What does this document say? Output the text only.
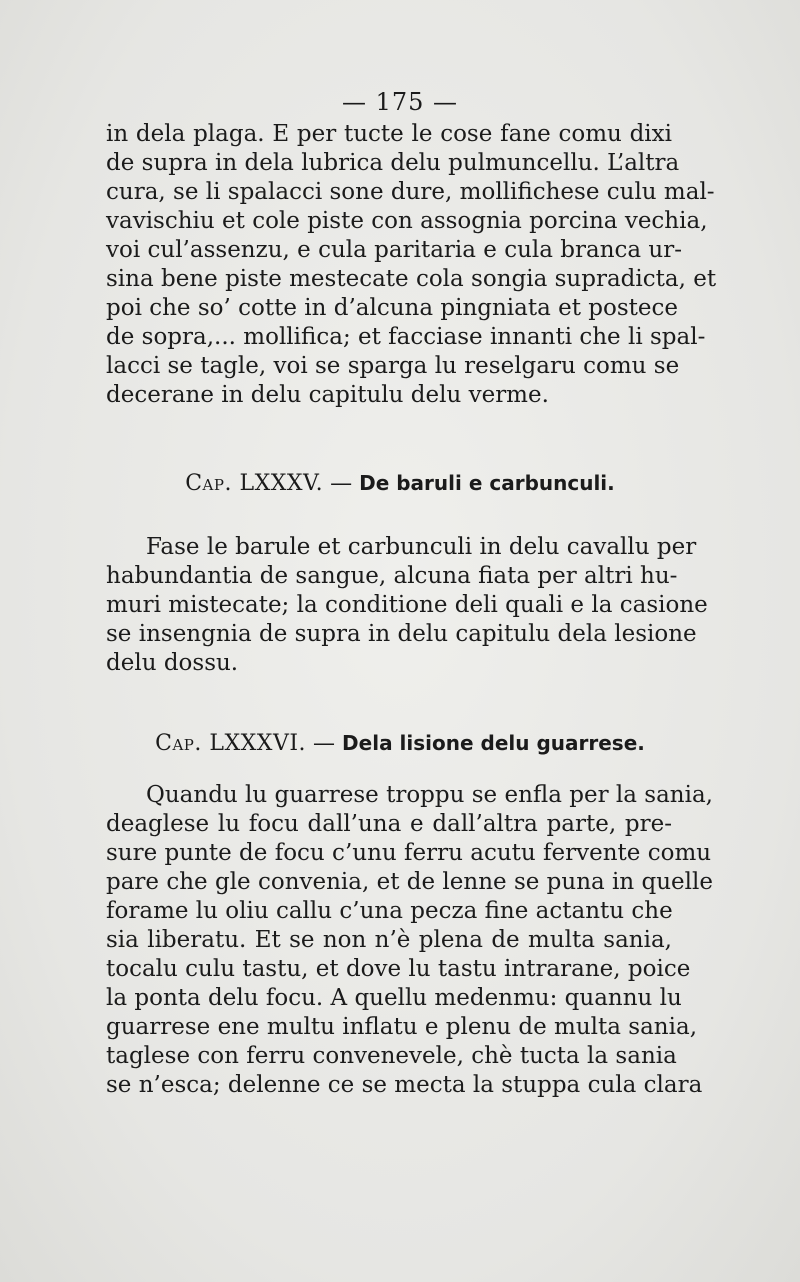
— 175 —
in dela plaga. E per tucte le cose fane comu dixi
de supra in dela lubrica delu pulmuncellu. L’altra
cura, se li spalacci sone dure, mollifichese culu mal-
vavischiu et cole piste con assognia porcina vechia,
voi cul’assenzu, e cula paritaria e cula branca ur-
sina bene piste mestecate cola songia supradicta, et
poi che so’ cotte in d’alcuna pingniata et postece
de sopra,... mollifica; et facciase innanti che li spal-
lacci se tagle, voi se sparga lu reselgaru comu se
decerane in delu capitulu delu verme.
Cap. LXXXV. — De baruli e carbunculi.
Fase le barule et carbunculi in delu cavallu per
habundantia de sangue, alcuna fiata per altri hu-
muri mistecate; la conditione deli quali e la casione
se insengnia de supra in delu capitulu dela lesione
delu dossu.
Cap. LXXXVI. — Dela lisione delu guarrese.
Quandu lu guarrese troppu se enfla per la sania,
deaglese lu focu dall’una e dall’altra parte, pre-
sure punte de focu c’unu ferru acutu fervente comu
pare che gle convenia, et de lenne se puna in quelle
forame lu oliu callu c’una pecza fine actantu che
sia liberatu. Et se non n’è plena de multa sania,
tocalu culu tastu, et dove lu tastu intrarane, poice
la ponta delu focu. A quellu medenmu: quannu lu
guarrese ene multu inflatu e plenu de multa sania,
taglese con ferru convenevele, chè tucta la sania
se n’esca; delenne ce se mecta la stuppa cula clara
